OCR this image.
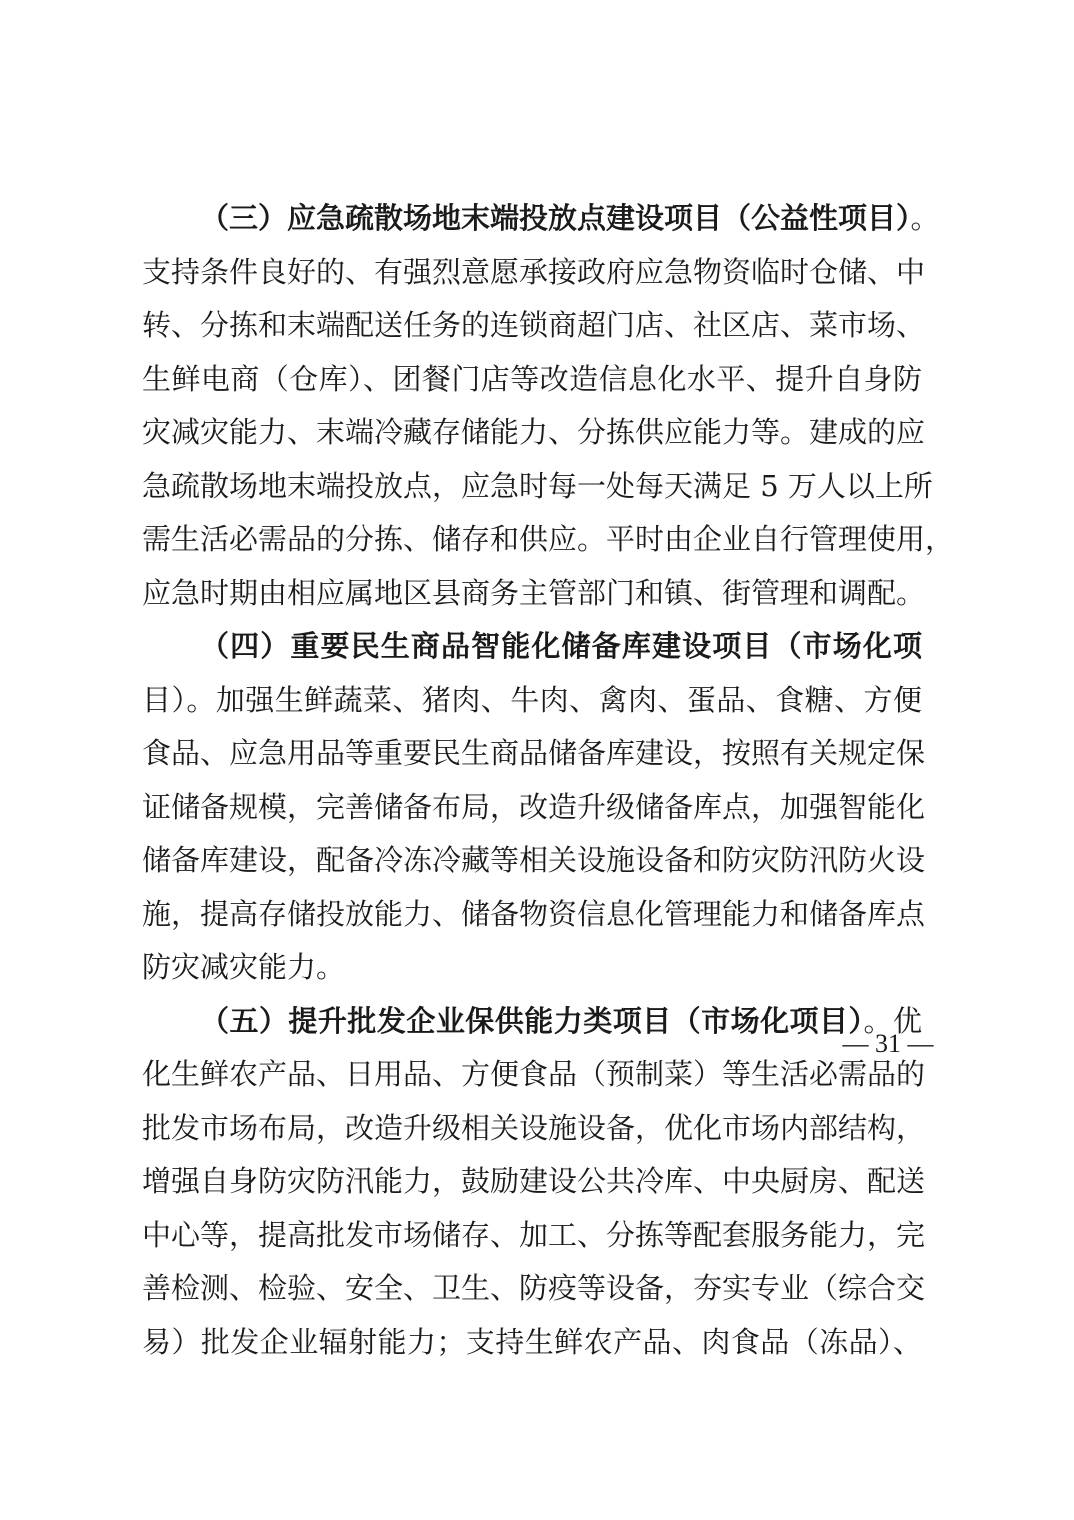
（三）应急疏散场地末端投放点建设项目（公益性项目）。
支持条件良好的、有强烈意愿承接政府应急物资临时仓储、中
转、分拣和末端配送任务的连锁商超门店、社区店、菜市场、
生鲜电商（仓库）、团餐门店等改造信息化水平、提升自身防
灾减灾能力、末端冷藏存储能力、分拣供应能力等。建成的应
急疏散场地末端投放点，应急时每一处每天满足 5 万人以上所
需生活必需品的分拣、储存和供应。平时由企业自行管理使用，
应急时期由相应属地区县商务主管部门和镇、街管理和调配。
（四）重要民生商品智能化储备库建设项目（市场化项
目）。加强生鲜蔬菜、猪肉、牛肉、禽肉、蛋品、食糖、方便
食品、应急用品等重要民生商品储备库建设，按照有关规定保
证储备规模，完善储备布局，改造升级储备库点，加强智能化
储备库建设，配备冷冻冷藏等相关设施设备和防灾防汛防火设
施，提高存储投放能力、储备物资信息化管理能力和储备库点
防灾减灾能力。
（五）提升批发企业保供能力类项目（市场化项目）。优
化生鲜农产品、日用品、方便食品（预制菜）等生活必需品的
批发市场布局，改造升级相关设施设备，优化市场内部结构，
增强自身防灾防汛能力，鼓励建设公共冷库、中央厨房、配送
中心等，提高批发市场储存、加工、分拣等配套服务能力，完
善检测、检验、安全、卫生、防疫等设备，夯实专业（综合交
易）批发企业辐射能力；支持生鲜农产品、肉食品（冻品）、
— 31 —
